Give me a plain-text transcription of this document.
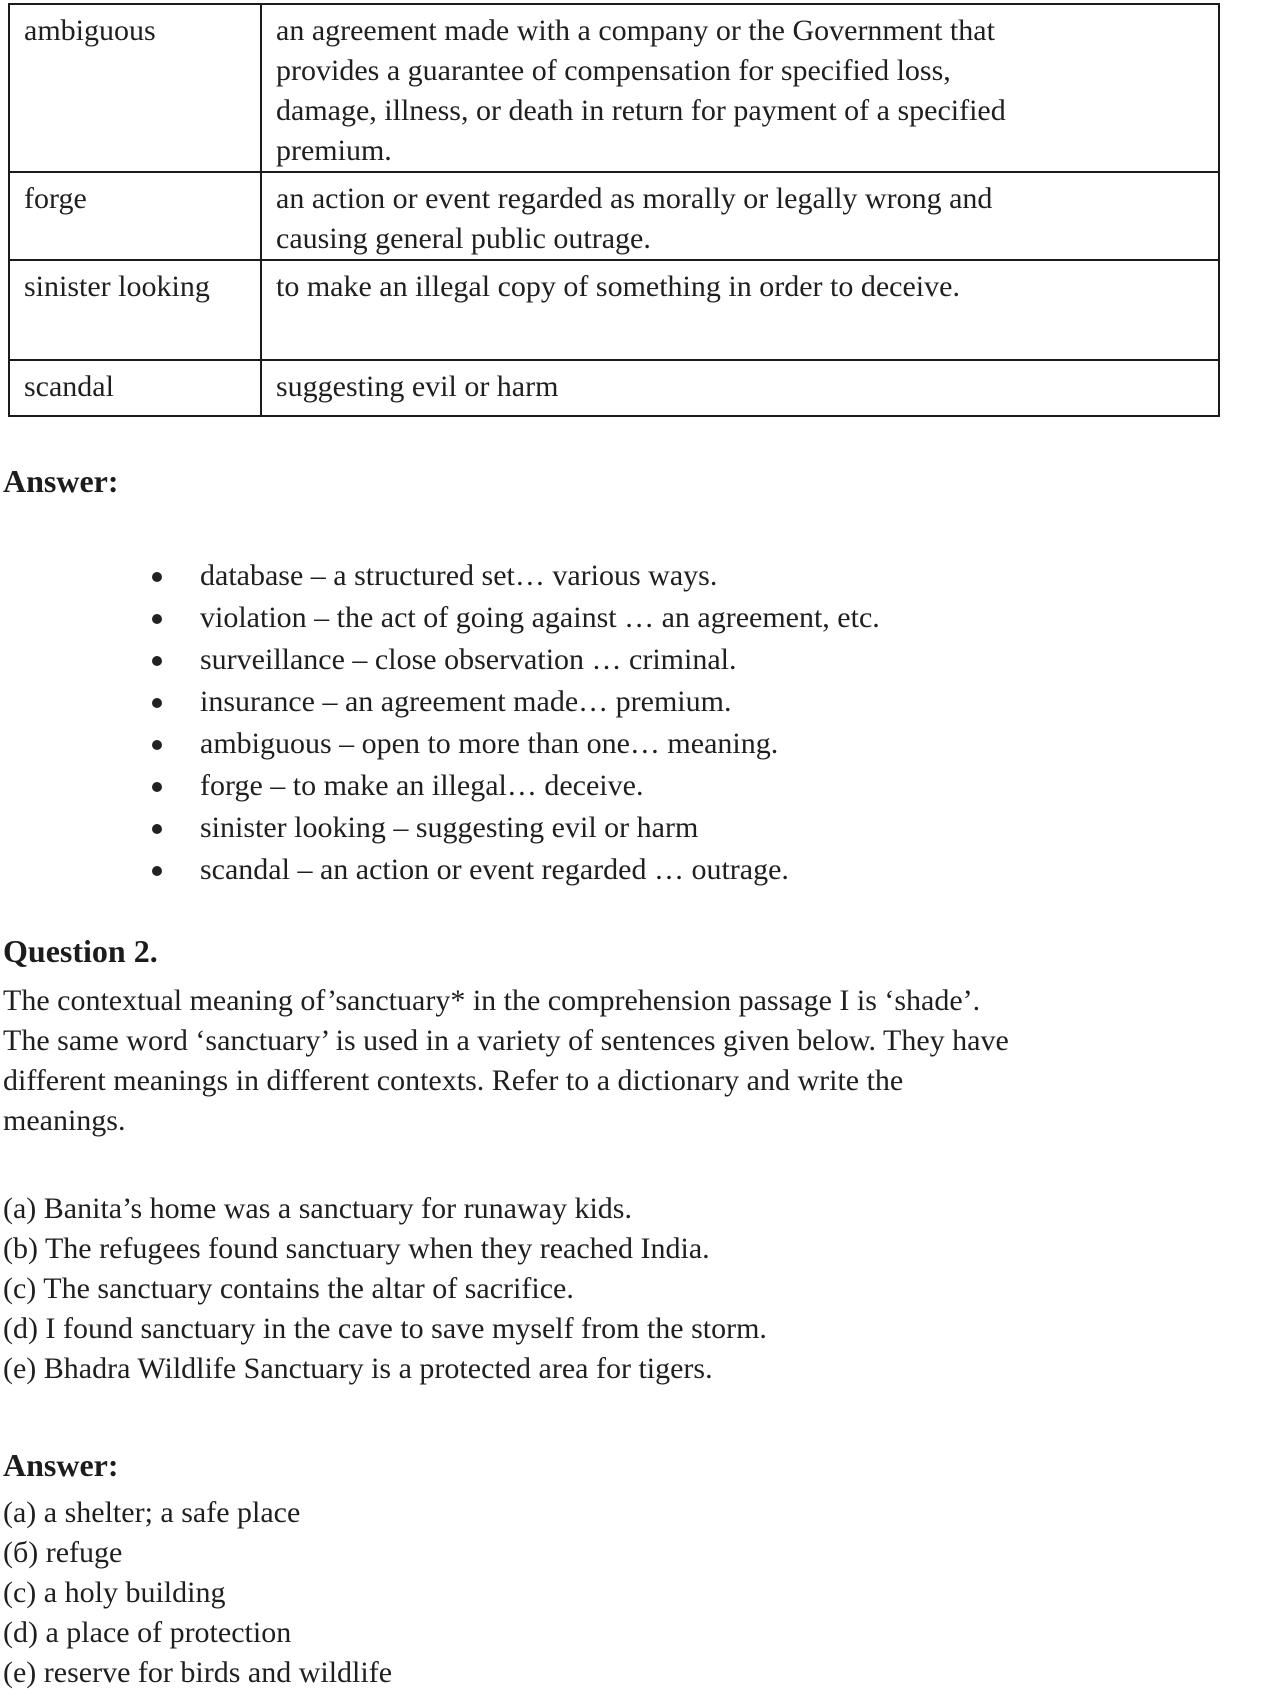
ambiguous	an agreement made with a company or the Government that
provides a guarantee of compensation for specified loss,
damage, illness, or death in return for payment of a specified
premium.

forge	an action or event regarded as morally or legally wrong and
causing general public outrage.

sinister looking	to make an illegal copy of something in order to deceive.

scandal	suggesting evil or harm
Answer:
database – a structured set… various ways.
violation – the act of going against … an agreement, etc.
surveillance – close observation … criminal.
insurance – an agreement made… premium.
ambiguous – open to more than one… meaning.
forge – to make an illegal… deceive.
sinister looking – suggesting evil or harm
scandal – an action or event regarded … outrage.
Question 2.
The contextual meaning of’sanctuary* in the comprehension passage I is ‘shade’.
The same word ‘sanctuary’ is used in a variety of sentences given below. They have
different meanings in different contexts. Refer to a dictionary and write the
meanings.
(a) Banita’s home was a sanctuary for runaway kids.
(b) The refugees found sanctuary when they reached India.
(c) The sanctuary contains the altar of sacrifice.
(d) I found sanctuary in the cave to save myself from the storm.
(e) Bhadra Wildlife Sanctuary is a protected area for tigers.
Answer:
(a) a shelter; a safe place
(б) refuge
(c) a holy building
(d) a place of protection
(e) reserve for birds and wildlife
